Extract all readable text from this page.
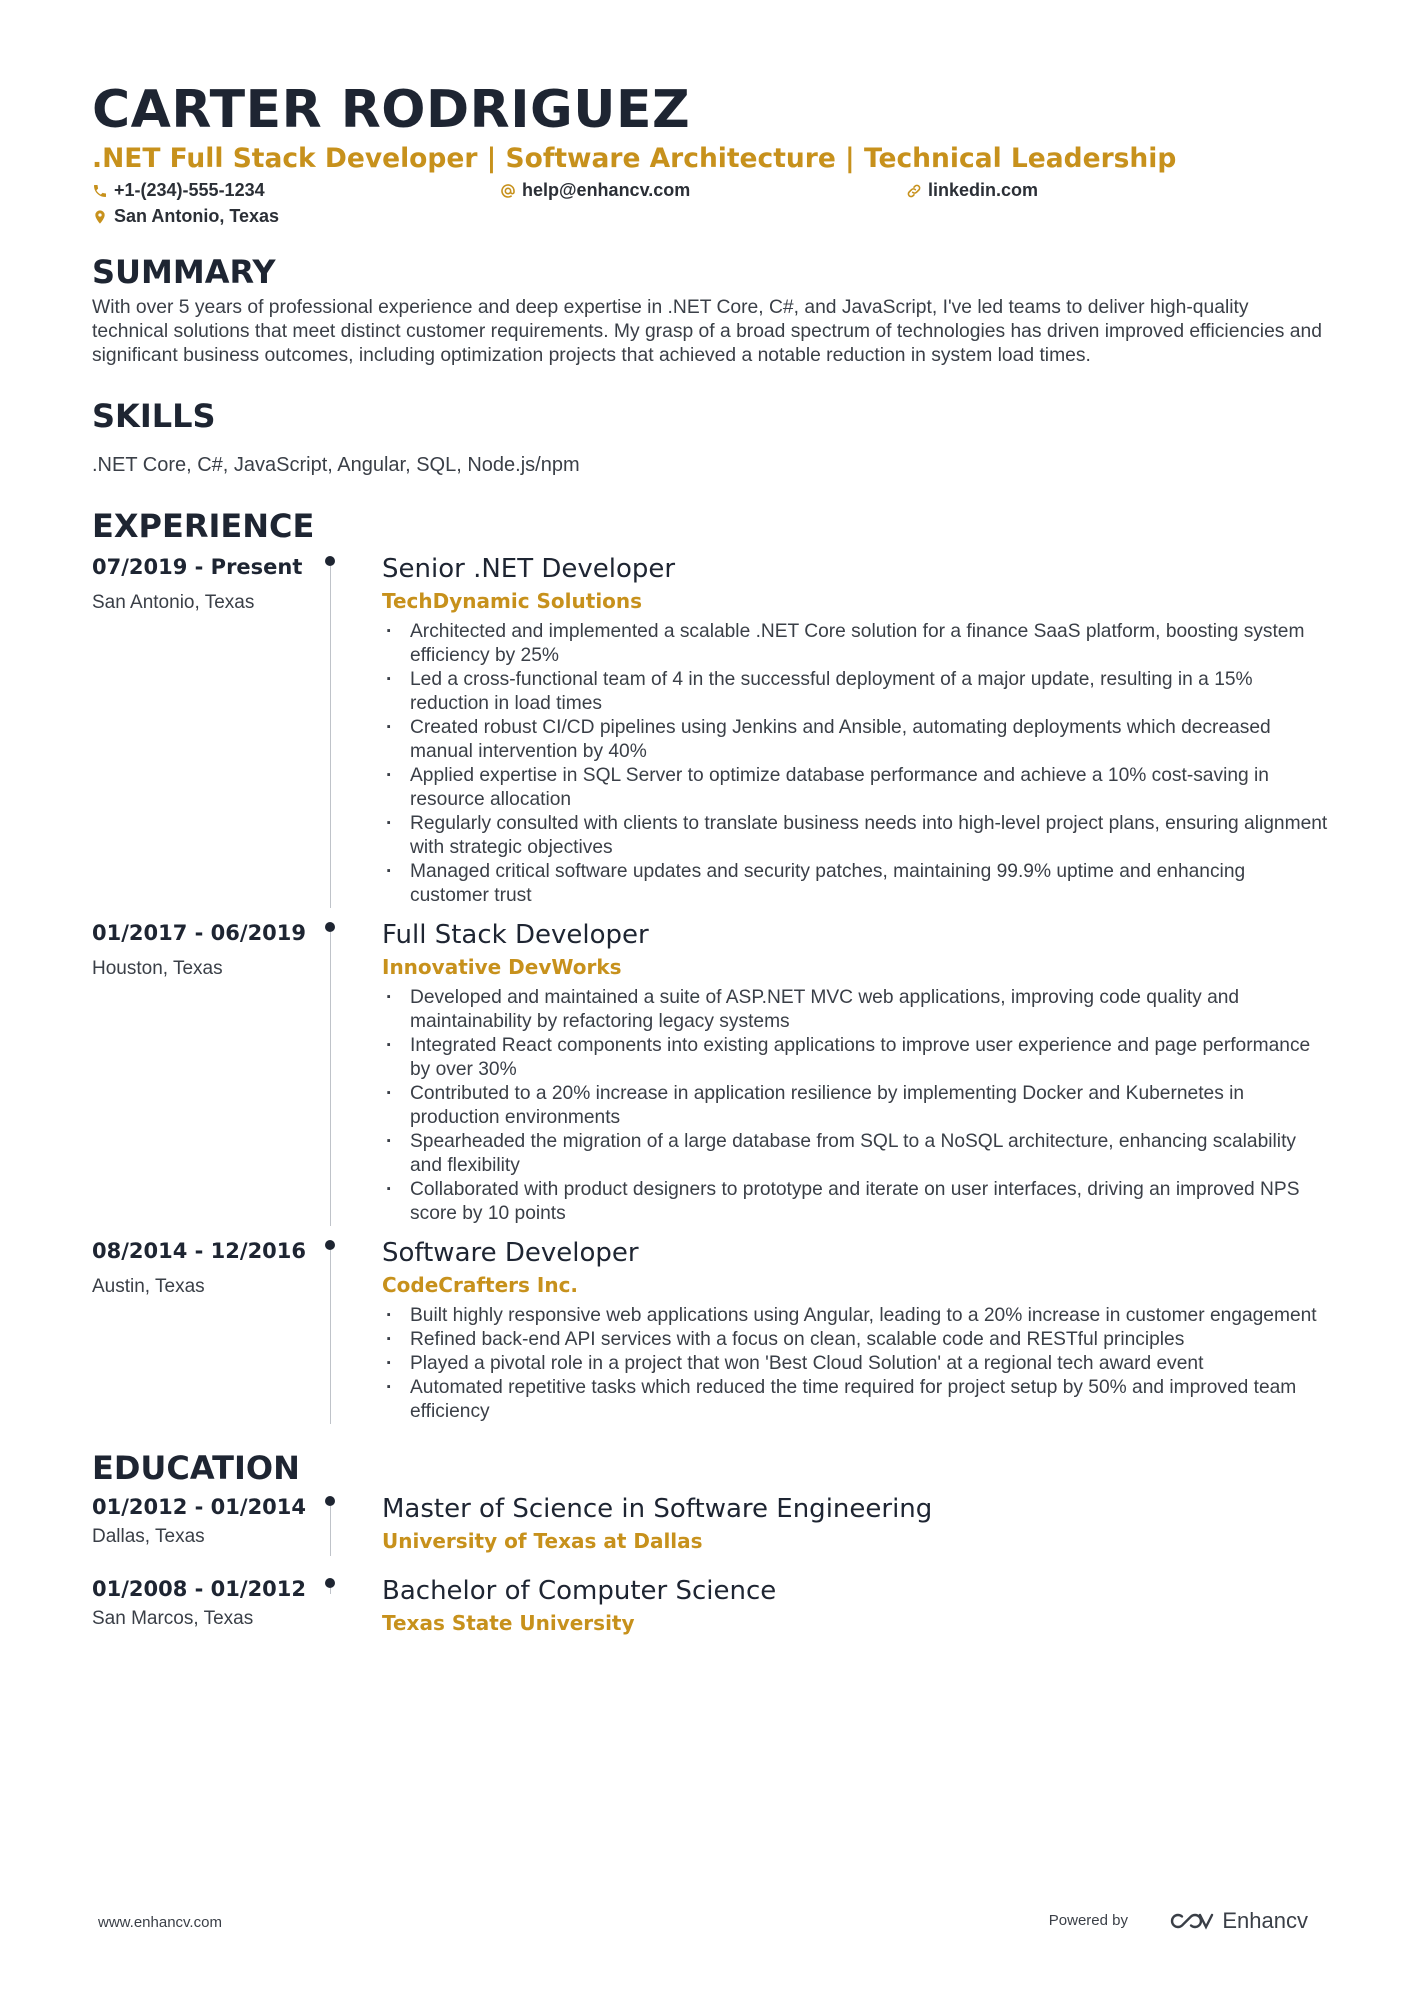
CARTER RODRIGUEZ
.NET Full Stack Developer | Software Architecture | Technical Leadership
+1-(234)-555-1234	help@enhancv.com	linkedin.com
San Antonio, Texas
SUMMARY
With over 5 years of professional experience and deep expertise in .NET Core, C#, and JavaScript, I've led teams to deliver high-quality technical solutions that meet distinct customer requirements. My grasp of a broad spectrum of technologies has driven improved efficiencies and significant business outcomes, including optimization projects that achieved a notable reduction in system load times.
SKILLS
.NET Core, C#, JavaScript, Angular, SQL, Node.js/npm
EXPERIENCE
07/2019 - Present
San Antonio, Texas
Senior .NET Developer
TechDynamic Solutions
· Architected and implemented a scalable .NET Core solution for a finance SaaS platform, boosting system efficiency by 25%
· Led a cross-functional team of 4 in the successful deployment of a major update, resulting in a 15% reduction in load times
· Created robust CI/CD pipelines using Jenkins and Ansible, automating deployments which decreased manual intervention by 40%
· Applied expertise in SQL Server to optimize database performance and achieve a 10% cost-saving in resource allocation
· Regularly consulted with clients to translate business needs into high-level project plans, ensuring alignment with strategic objectives
· Managed critical software updates and security patches, maintaining 99.9% uptime and enhancing customer trust
01/2017 - 06/2019
Houston, Texas
Full Stack Developer
Innovative DevWorks
· Developed and maintained a suite of ASP.NET MVC web applications, improving code quality and maintainability by refactoring legacy systems
· Integrated React components into existing applications to improve user experience and page performance by over 30%
· Contributed to a 20% increase in application resilience by implementing Docker and Kubernetes in production environments
· Spearheaded the migration of a large database from SQL to a NoSQL architecture, enhancing scalability and flexibility
· Collaborated with product designers to prototype and iterate on user interfaces, driving an improved NPS score by 10 points
08/2014 - 12/2016
Austin, Texas
Software Developer
CodeCrafters Inc.
· Built highly responsive web applications using Angular, leading to a 20% increase in customer engagement
· Refined back-end API services with a focus on clean, scalable code and RESTful principles
· Played a pivotal role in a project that won 'Best Cloud Solution' at a regional tech award event
· Automated repetitive tasks which reduced the time required for project setup by 50% and improved team efficiency
EDUCATION
01/2012 - 01/2014
Dallas, Texas
Master of Science in Software Engineering
University of Texas at Dallas
01/2008 - 01/2012
San Marcos, Texas
Bachelor of Computer Science
Texas State University
www.enhancv.com	Powered by	Enhancv
